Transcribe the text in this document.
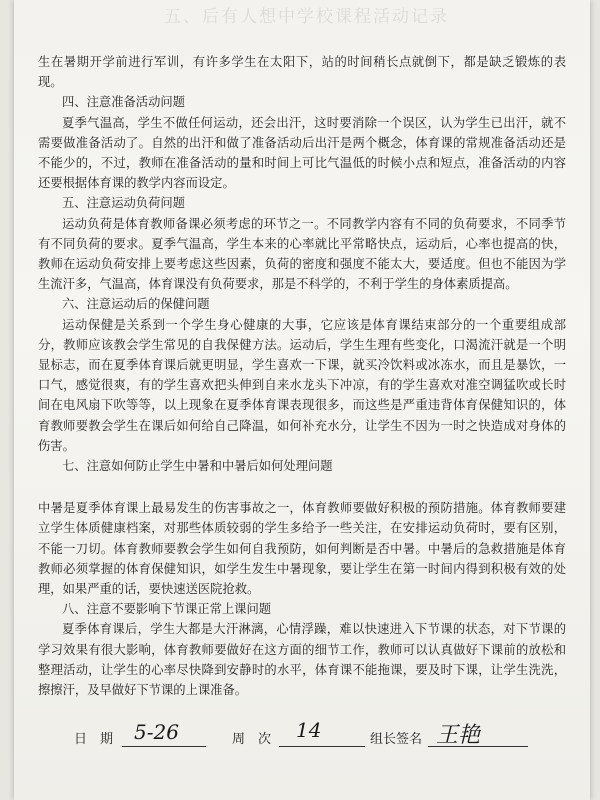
五、后有人想中学校课程活动记录

生在暑期开学前进行军训，有许多学生在太阳下，站的时间稍长点就倒下，都是缺乏锻炼的表现。

四、注意准备活动问题

夏季气温高，学生不做任何运动，还会出汗，这时要消除一个误区，认为学生已出汗，就不需要做准备活动了。自然的出汗和做了准备活动后出汗是两个概念，体育课的常规准备活动还是不能少的，不过，教师在准备活动的量和时间上可比气温低的时候小点和短点，准备活动的内容还要根据体育课的教学内容而设定。

五、注意运动负荷问题

运动负荷是体育教师备课必须考虑的环节之一。不同教学内容有不同的负荷要求，不同季节有不同负荷的要求。夏季气温高，学生本来的心率就比平常略快点，运动后，心率也提高的快，教师在运动负荷安排上要考虑这些因素，负荷的密度和强度不能太大，要适度。但也不能因为学生流汗多，气温高，体育课没有负荷要求，那是不科学的，不利于学生的身体素质提高。

六、注意运动后的保健问题

运动保健是关系到一个学生身心健康的大事，它应该是体育课结束部分的一个重要组成部分，教师应该教会学生常见的自我保健方法。运动后，学生生理有些变化，口渴流汗就是一个明显标志，而在夏季体育课后就更明显，学生喜欢一下课，就买冷饮料或冰冻水，而且是暴饮，一口气，感觉很爽，有的学生喜欢把头伸到自来水龙头下冲凉，有的学生喜欢对准空调猛吹或长时间在电风扇下吹等等，以上现象在夏季体育课表现很多，而这些是严重违背体育保健知识的，体育教师要教会学生在课后如何给自己降温，如何补充水分，让学生不因为一时之快造成对身体的伤害。

七、注意如何防止学生中暑和中暑后如何处理问题

中暑是夏季体育课上最易发生的伤害事故之一，体育教师要做好积极的预防措施。体育教师要建立学生体质健康档案，对那些体质较弱的学生多给予一些关注，在安排运动负荷时，要有区别，不能一刀切。体育教师要教会学生如何自我预防，如何判断是否中暑。中暑后的急救措施是体育教师必须掌握的体育保健知识，如学生发生中暑现象，要让学生在第一时间内得到积极有效的处理，如果严重的话，要快速送医院抢救。

八、注意不要影响下节课正常上课问题

夏季体育课后，学生大都是大汗淋漓，心情浮躁，难以快速进入下节课的状态，对下节课的学习效果有很大影响，体育教师要做好在这方面的细节工作，教师可以认真做好下课前的放松和整理活动，让学生的心率尽快降到安静时的水平，体育课不能拖课，要及时下课，让学生洗洗，擦擦汗，及早做好下节课的上课准备。

日　期 5-26	周　次 14	组长签名 王艳
